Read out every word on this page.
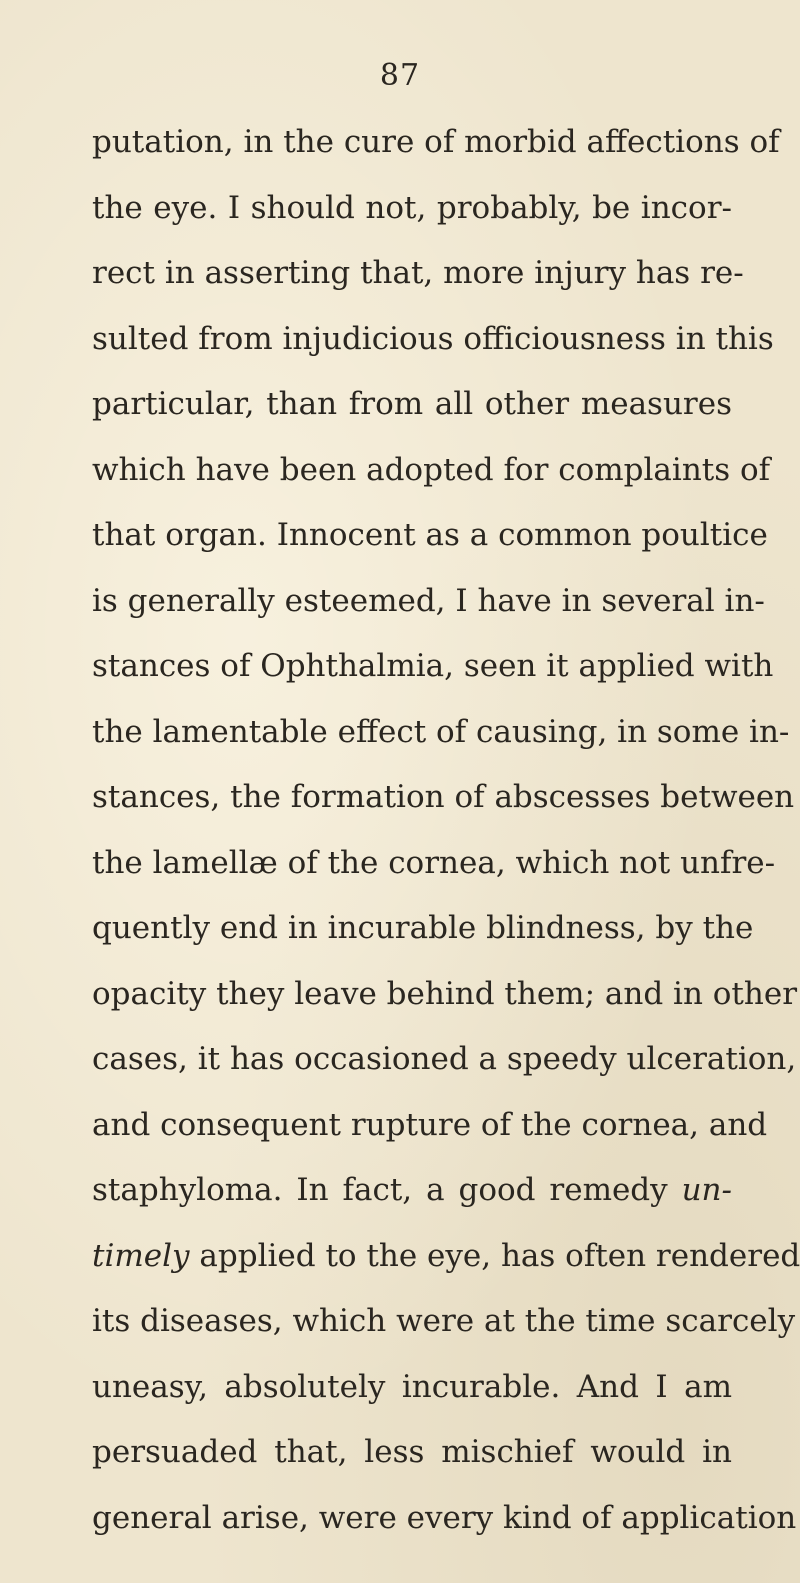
87
putation, in the cure of morbid affections of
the eye. I should not, probably, be incor-
rect in asserting that, more injury has re-
sulted from injudicious officiousness in this
particular, than from all other measures
which have been adopted for complaints of
that organ. Innocent as a common poultice
is generally esteemed, I have in several in-
stances of Ophthalmia, seen it applied with
the lamentable effect of causing, in some in-
stances, the formation of abscesses between
the lamellæ of the cornea, which not unfre-
quently end in incurable blindness, by the
opacity they leave behind them; and in other
cases, it has occasioned a speedy ulceration,
and consequent rupture of the cornea, and
staphyloma. In fact, a good remedy un-
timely applied to the eye, has often rendered
its diseases, which were at the time scarcely
uneasy, absolutely incurable. And I am
persuaded that, less mischief would in
general arise, were every kind of application
